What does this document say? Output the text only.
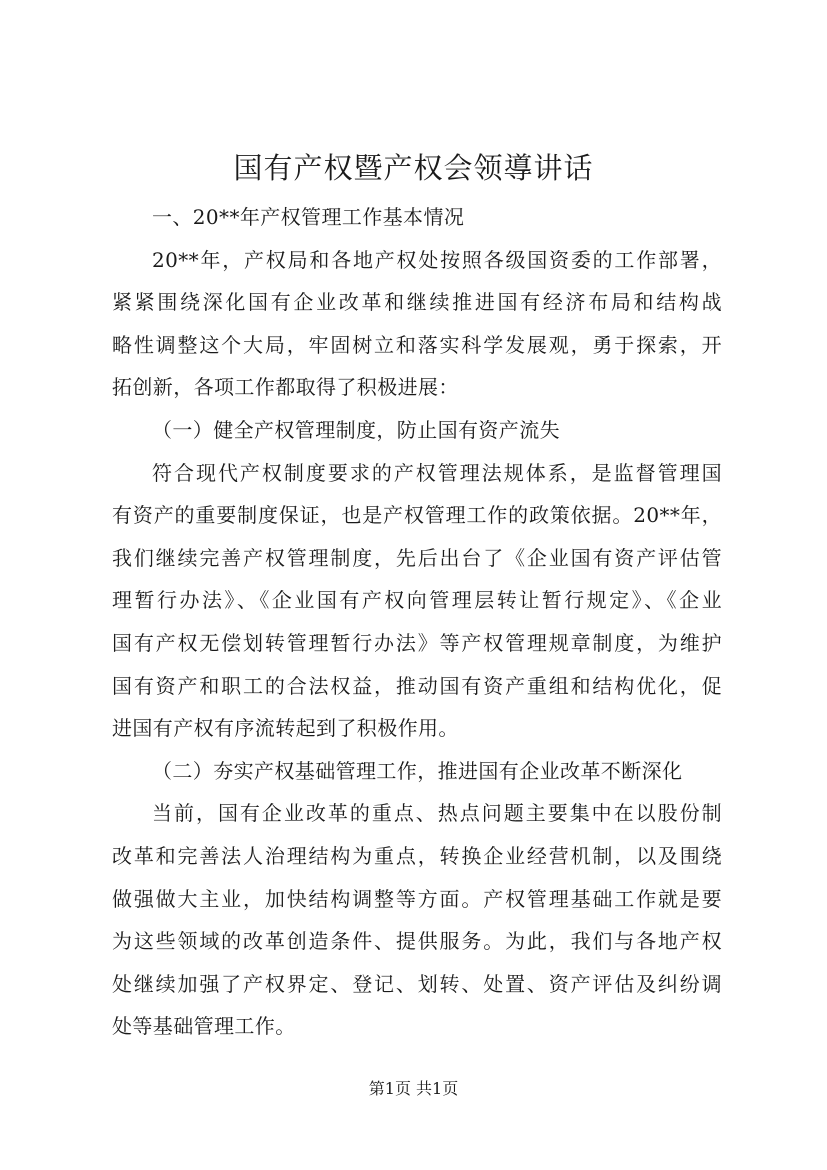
国有产权暨产权会领導讲话
一、20**年产权管理工作基本情况
20**年，产权局和各地产权处按照各级国资委的工作部署，
紧紧围绕深化国有企业改革和继续推进国有经济布局和结构战
略性调整这个大局，牢固树立和落实科学发展观，勇于探索，开
拓创新，各项工作都取得了积极进展：
（一）健全产权管理制度，防止国有资产流失
符合现代产权制度要求的产权管理法规体系，是监督管理国
有资产的重要制度保证，也是产权管理工作的政策依据。20**年，
我们继续完善产权管理制度，先后出台了《企业国有资产评估管
理暂行办法》、《企业国有产权向管理层转让暂行规定》、《企业
国有产权无偿划转管理暂行办法》等产权管理规章制度，为维护
国有资产和职工的合法权益，推动国有资产重组和结构优化，促
进国有产权有序流转起到了积极作用。
（二）夯实产权基础管理工作，推进国有企业改革不断深化
当前，国有企业改革的重点、热点问题主要集中在以股份制
改革和完善法人治理结构为重点，转换企业经营机制，以及围绕
做强做大主业，加快结构调整等方面。产权管理基础工作就是要
为这些领域的改革创造条件、提供服务。为此，我们与各地产权
处继续加强了产权界定、登记、划转、处置、资产评估及纠纷调
处等基础管理工作。
第1页 共1页
